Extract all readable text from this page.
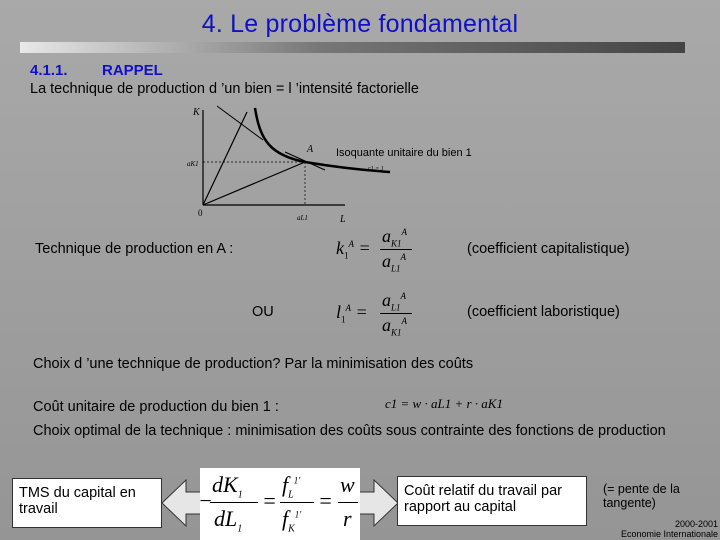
4. Le problème fondamental
4.1.1. RAPPEL
La technique de production d ’un bien = l ’intensité factorielle
K
L
A
0
aK1
aL1
c1 = 1
Isoquante unitaire du bien 1
Technique de production en A :	$k_1^A$ =
$a_{K1}^A$
$a_{L1}^A$	(coefficient capitalistique)
OU	$l_1^A$ =
$a_{L1}^A$
$a_{K1}^A$
(coefficient laboristique)
Choix d ’une technique de production? Par la minimisation des coûts
Coût unitaire de production du bien 1 :	c1 = w · aL1 + r · aK1
Choix optimal de la technique : minimisation des coûts sous contrainte des fonctions de production
$dK_1$
$dL_1$
− =
$f_L^{1'}$
$f_K^{1'}$
=
w
r
TMS du capital en travail
Coût relatif du travail par rapport au capital
(= pente de la tangente)
2000-2001
Economie Internationale
